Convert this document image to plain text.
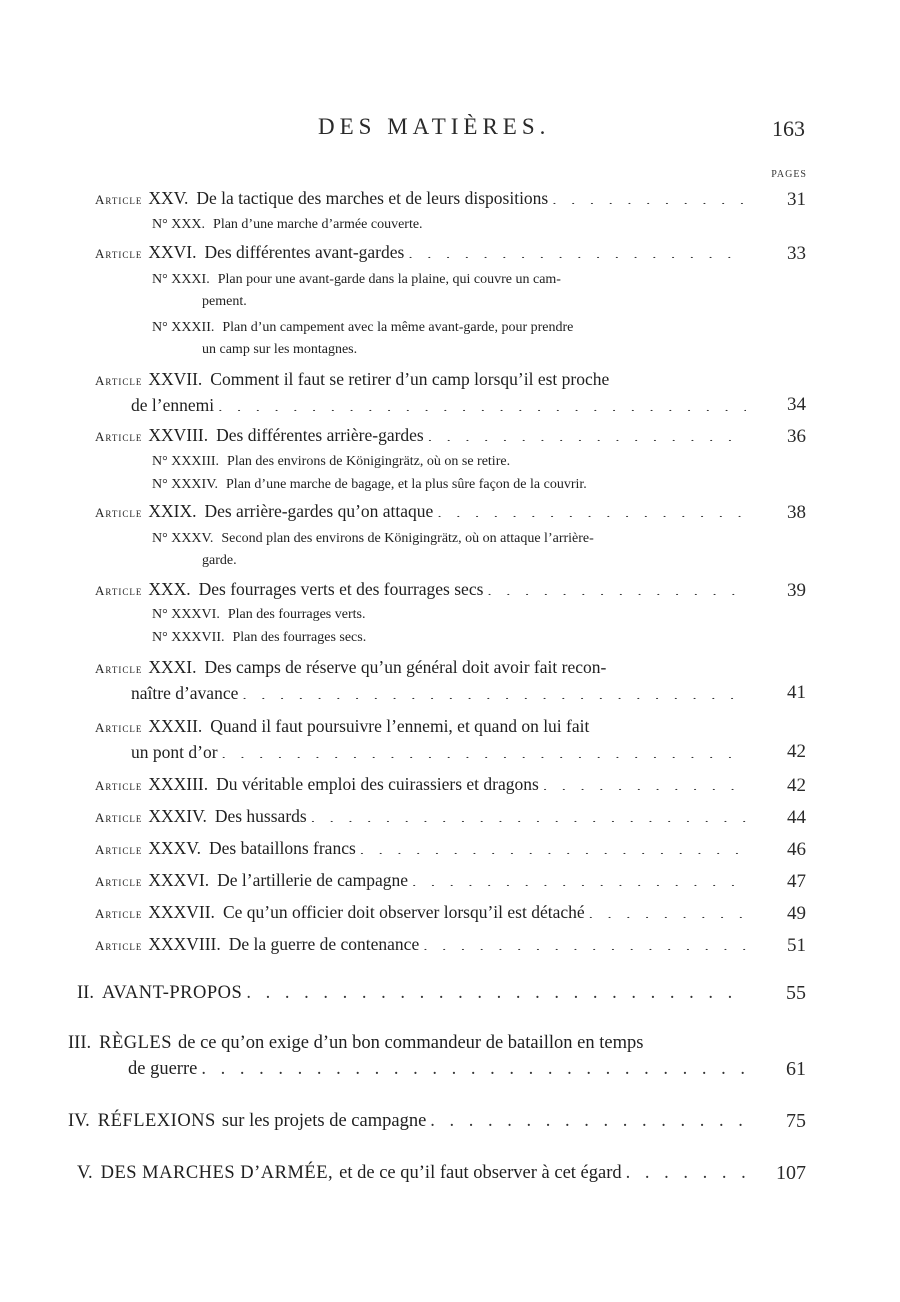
DES MATIÈRES.	163
PAGES
Article XXV. De la tactique des marches et de leurs dispositions . . .	31
N° XXX. Plan d’une marche d’armée couverte.
Article XXVI. Des différentes avant-gardes . . .	33
N° XXXI. Plan pour une avant-garde dans la plaine, qui couvre un cam-
pement.
N° XXXII. Plan d’un campement avec la même avant-garde, pour prendre
un camp sur les montagnes.
Article XXVII. Comment il faut se retirer d’un camp lorsqu’il est proche
de l’ennemi . . .	34
Article XXVIII. Des différentes arrière-gardes . . .	36
N° XXXIII. Plan des environs de Königingrätz, où on se retire.
N° XXXIV. Plan d’une marche de bagage, et la plus sûre façon de la couvrir.
Article XXIX. Des arrière-gardes qu’on attaque . . .	38
N° XXXV. Second plan des environs de Königingrätz, où on attaque l’arrière-
garde.
Article XXX. Des fourrages verts et des fourrages secs . . .	39
N° XXXVI. Plan des fourrages verts.
N° XXXVII. Plan des fourrages secs.
Article XXXI. Des camps de réserve qu’un général doit avoir fait recon-
naître d’avance . . .	41
Article XXXII. Quand il faut poursuivre l’ennemi, et quand on lui fait
un pont d’or . . .	42
Article XXXIII. Du véritable emploi des cuirassiers et dragons . . .	42
Article XXXIV. Des hussards . . .	44
Article XXXV. Des bataillons francs . . .	46
Article XXXVI. De l’artillerie de campagne . . .	47
Article XXXVII. Ce qu’un officier doit observer lorsqu’il est détaché . . .	49
Article XXXVIII. De la guerre de contenance . . .	51
II. AVANT-PROPOS . . .	55
III. RÈGLES de ce qu’on exige d’un bon commandeur de bataillon en temps
de guerre . . .	61
IV. RÉFLEXIONS sur les projets de campagne . . .	75
V. DES MARCHES D’ARMÉE, et de ce qu’il faut observer à cet égard . . .	107
